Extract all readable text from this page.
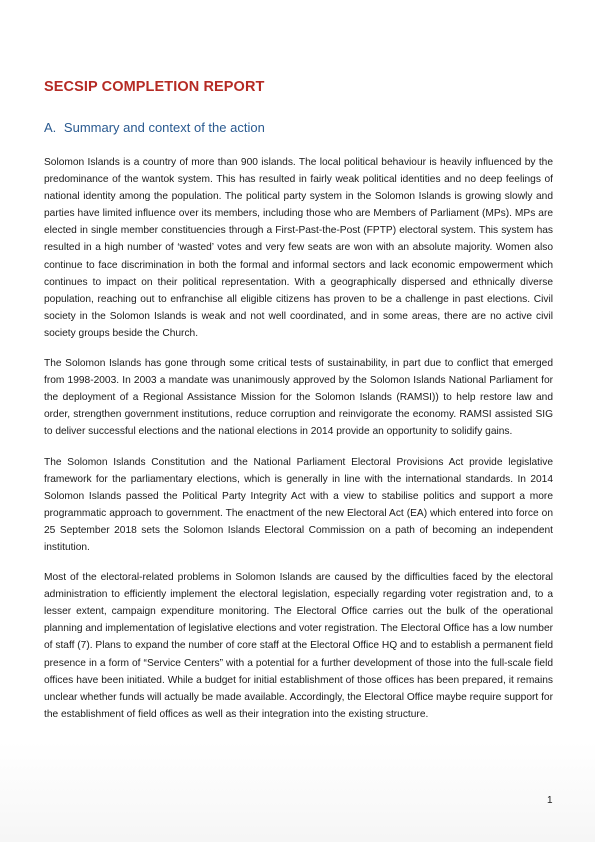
SECSIP COMPLETION REPORT
A. Summary and context of the action

Solomon Islands is a country of more than 900 islands. The local political behaviour is heavily influenced by the predominance of the wantok system. This has resulted in fairly weak political identities and no deep feelings of national identity among the population. The political party system in the Solomon Islands is growing slowly and parties have limited influence over its members, including those who are Members of Parliament (MPs). MPs are elected in single member constituencies through a First-Past-the-Post (FPTP) electoral system. This system has resulted in a high number of ‘wasted’ votes and very few seats are won with an absolute majority. Women also continue to face discrimination in both the formal and informal sectors and lack economic empowerment which continues to impact on their political representation. With a geographically dispersed and ethnically diverse population, reaching out to enfranchise all eligible citizens has proven to be a challenge in past elections. Civil society in the Solomon Islands is weak and not well coordinated, and in some areas, there are no active civil society groups beside the Church.

The Solomon Islands has gone through some critical tests of sustainability, in part due to conflict that emerged from 1998-2003. In 2003 a mandate was unanimously approved by the Solomon Islands National Parliament for the deployment of a Regional Assistance Mission for the Solomon Islands (RAMSI)) to help restore law and order, strengthen government institutions, reduce corruption and reinvigorate the economy. RAMSI assisted SIG to deliver successful elections and the national elections in 2014 provide an opportunity to solidify gains.

The Solomon Islands Constitution and the National Parliament Electoral Provisions Act provide legislative framework for the parliamentary elections, which is generally in line with the international standards. In 2014 Solomon Islands passed the Political Party Integrity Act with a view to stabilise politics and support a more programmatic approach to government. The enactment of the new Electoral Act (EA) which entered into force on 25 September 2018 sets the Solomon Islands Electoral Commission on a path of becoming an independent institution.

Most of the electoral-related problems in Solomon Islands are caused by the difficulties faced by the electoral administration to efficiently implement the electoral legislation, especially regarding voter registration and, to a lesser extent, campaign expenditure monitoring. The Electoral Office carries out the bulk of the operational planning and implementation of legislative elections and voter registration. The Electoral Office has a low number of staff (7). Plans to expand the number of core staff at the Electoral Office HQ and to establish a permanent field presence in a form of “Service Centers” with a potential for a further development of those into the full-scale field offices have been initiated. While a budget for initial establishment of those offices has been prepared, it remains unclear whether funds will actually be made available. Accordingly, the Electoral Office maybe require support for the establishment of field offices as well as their integration into the existing structure.

1
